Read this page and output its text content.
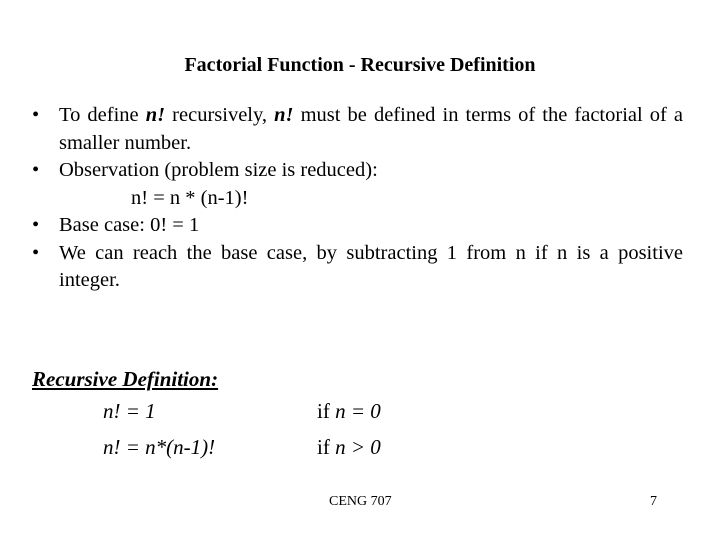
Factorial Function - Recursive Definition
• To define n! recursively, n! must be defined in terms of the factorial of a smaller number.
• Observation (problem size is reduced):
n! = n * (n-1)!
• Base case: 0! = 1
• We can reach the base case, by subtracting 1 from n if n is a positive integer.
Recursive Definition:
n! = 1	if n = 0
n! = n*(n-1)!	if n > 0
CENG 707	7
